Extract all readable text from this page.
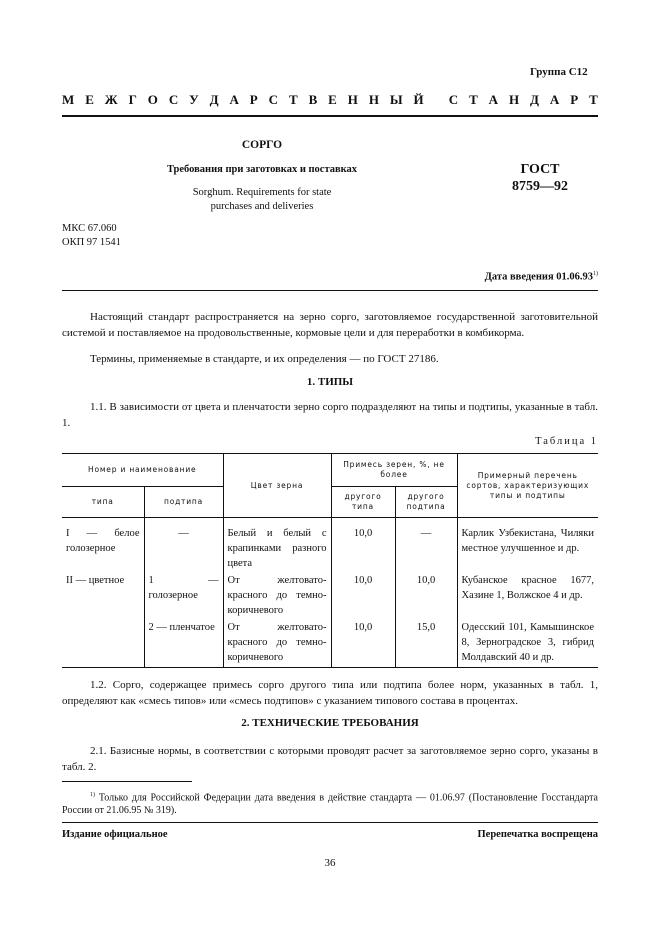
Группа С12
М Е Ж Г О С У Д А Р С Т В Е Н Н Ы Й
С Т А Н Д А Р Т
СОРГО
Требования при заготовках и поставках
Sorghum. Requirements for state
purchases and deliveries
ГОСТ
8759—92
МКС 67.060
ОКП 97 1541
Дата введения 01.06.93$^{1)}$
Настоящий стандарт распространяется на зерно сорго, заготовляемое государственной заготовительной системой и поставляемое на продовольственные, кормовые цели и для переработки в комбикорма.
Термины, применяемые в стандарте, и их определения — по ГОСТ 27186.
1. ТИПЫ
1.1. В зависимости от цвета и пленчатости зерно сорго подразделяют на типы и подтипы, указанные в табл. 1.
Таблица 1
Номер и наименование		Цвет зерна	Примесь зерен, %, не более		Примерный перечень сортов, характеризующих типы и подтипы
типа	подтипа		другого типа	другого подтипа	
I — белое голозерное	—	Белый и белый с крапинками разного цвета	10,0	—	Карлик Узбекистана, Чиляки местное улучшенное и др.
II — цветное	1 — голозерное	От желтовато-красного до темно-коричневого	10,0	10,0	Кубанское красное 1677, Хазине 1, Волжское 4 и др.
	2 — пленчатое	От желтовато-красного до темно-коричневого	10,0	15,0	Одесский 101, Камышинское 8, Зерноградское 3, гибрид Молдавский 40 и др.
1.2. Сорго, содержащее примесь сорго другого типа или подтипа более норм, указанных в табл. 1, определяют как «смесь типов» или «смесь подтипов» с указанием типового состава в процентах.
2. ТЕХНИЧЕСКИЕ ТРЕБОВАНИЯ
2.1. Базисные нормы, в соответствии с которыми проводят расчет за заготовляемое зерно сорго, указаны в табл. 2.
$^{1)}$ Только для Российской Федерации дата введения в действие стандарта — 01.06.97 (Постановление Госстандарта России от 21.06.95 № 319).
Издание официальное	Перепечатка воспрещена
36
